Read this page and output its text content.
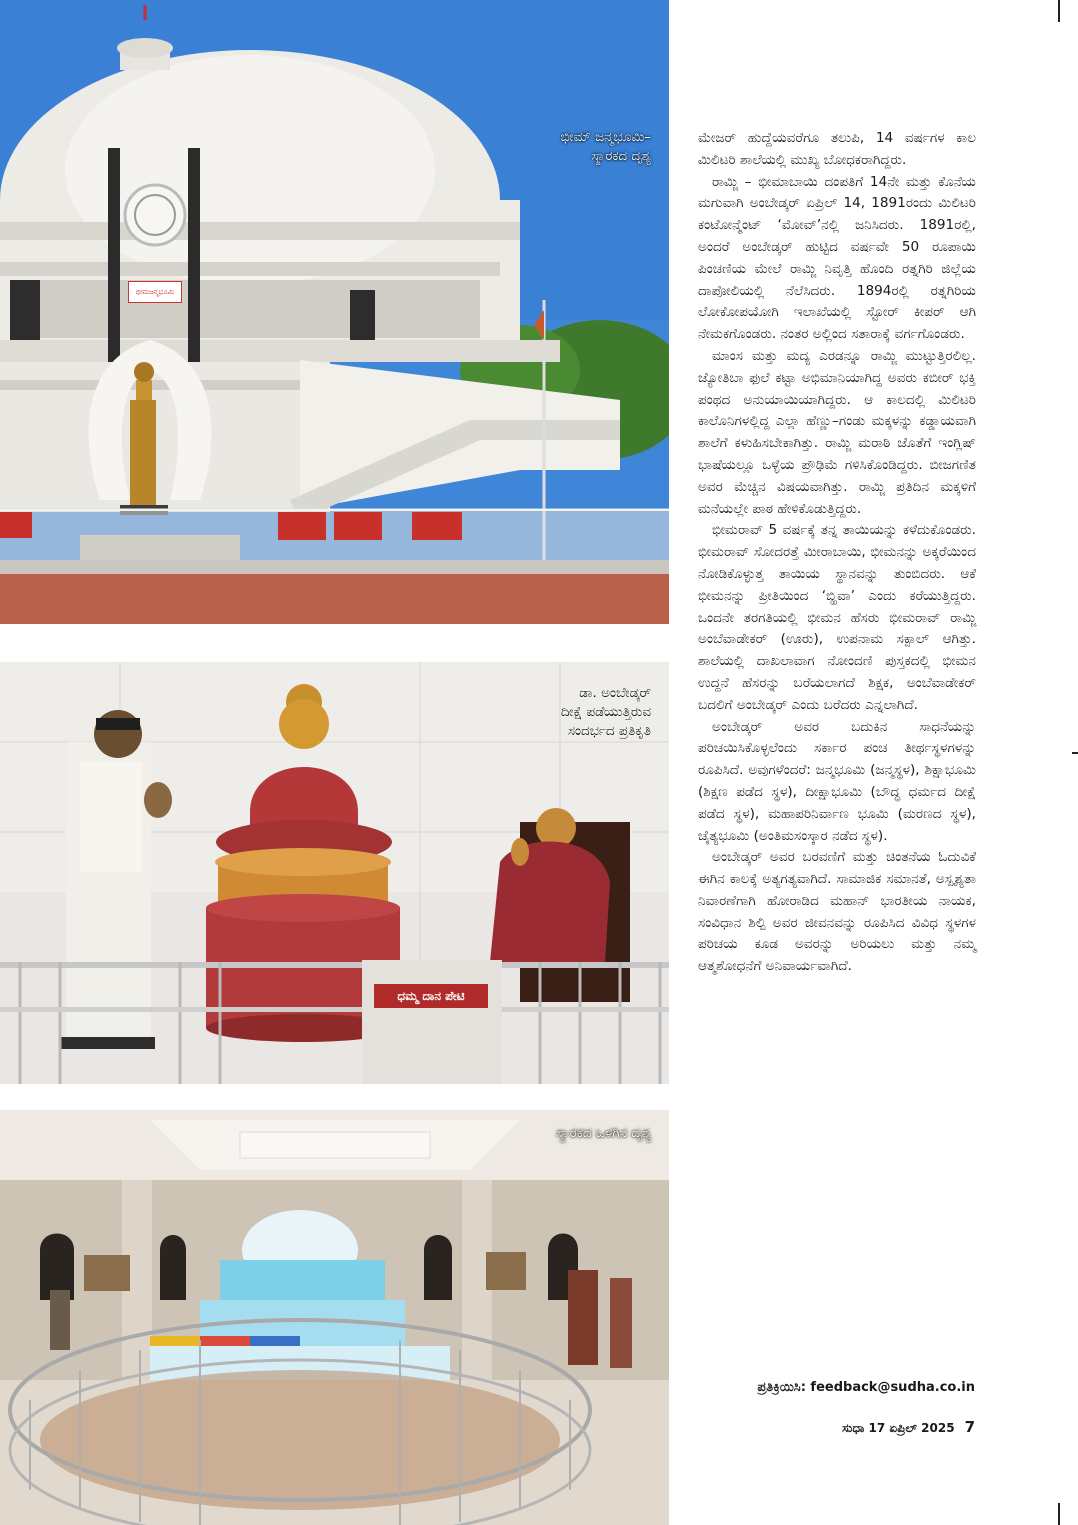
ಭೀಮಜನ್ಮಭೂಮಿ
ಭೀಮ್ ಜನ್ಮಭೂಮಿ–
ಸ್ಮಾರಕದ ದೃಶ್ಯ
ಧಮ್ಮ ದಾನ ಪೇಟಿ
ಡಾ. ಅಂಬೇಡ್ಕರ್
ದೀಕ್ಷೆ ಪಡೆಯುತ್ತಿರುವ
ಸಂದರ್ಭದ ಪ್ರತಿಕೃತಿ
ಸ್ಮಾರಕದ ಒಳಗಿನ ದೃಶ್ಯ

ಮೇಜರ್ ಹುದ್ದೆಯವರೆಗೂ ತಲುಪಿ, 14 ವರ್ಷಗಳ ಕಾಲ ಮಿಲಿಟರಿ ಶಾಲೆಯಲ್ಲಿ ಮುಖ್ಯ ಬೋಧಕರಾಗಿದ್ದರು.

ರಾಮ್ಜಿ – ಭೀಮಾಬಾಯಿ ದಂಪತಿಗೆ 14ನೇ ಮತ್ತು ಕೊನೆಯ ಮಗುವಾಗಿ ಅಂಬೇಡ್ಕರ್ ಏಪ್ರಿಲ್ 14, 1891ರಂದು ಮಿಲಿಟರಿ ಕಂಟೋನ್ಮೆಂಟ್ ‘ಮೋವ್’ನಲ್ಲಿ ಜನಿಸಿದರು. 1891ರಲ್ಲಿ, ಅಂದರೆ ಅಂಬೇಡ್ಕರ್ ಹುಟ್ಟಿದ ವರ್ಷವೇ 50 ರೂಪಾಯಿ ಪಿಂಚಣಿಯ ಮೇಲೆ ರಾಮ್ಜಿ ನಿವೃತ್ತಿ ಹೊಂದಿ ರತ್ನಗಿರಿ ಜಿಲ್ಲೆಯ ದಾಪೋಲಿಯಲ್ಲಿ ನೆಲೆಸಿದರು. 1894ರಲ್ಲಿ ರತ್ನಗಿರಿಯ ಲೋಕೋಪಯೋಗಿ ಇಲಾಖೆಯಲ್ಲಿ ಸ್ಟೋರ್ ಕೀಪರ್ ಆಗಿ ನೇಮಕಗೊಂಡರು. ನಂತರ ಅಲ್ಲಿಂದ ಸತಾರಾಕ್ಕೆ ವರ್ಗಗೊಂಡರು.

ಮಾಂಸ ಮತ್ತು ಮದ್ಯ ಎರಡನ್ನೂ ರಾಮ್ಜಿ ಮುಟ್ಟುತ್ತಿರಲಿಲ್ಲ. ಜ್ಯೋತಿಬಾ ಫುಲೆ ಕಟ್ಟಾ ಅಭಿಮಾನಿಯಾಗಿದ್ದ ಅವರು ಕಬೀರ್ ಭಕ್ತಿ ಪಂಥದ ಅನುಯಾಯಿಯಾಗಿದ್ದರು. ಆ ಕಾಲದಲ್ಲಿ ಮಿಲಿಟರಿ ಕಾಲೊನಿಗಳಲ್ಲಿದ್ದ ಎಲ್ಲಾ ಹೆಣ್ಣು–ಗಂಡು ಮಕ್ಕಳನ್ನು ಕಡ್ಡಾಯವಾಗಿ ಶಾಲೆಗೆ ಕಳುಹಿಸಬೇಕಾಗಿತ್ತು. ರಾಮ್ಜಿ ಮರಾಠಿ ಜೊತೆಗೆ ಇಂಗ್ಲಿಷ್ ಭಾಷೆಯಲ್ಲೂ ಒಳ್ಳೆಯ ಪ್ರೌಢಿಮೆ ಗಳಿಸಿಕೊಂಡಿದ್ದರು. ಬೀಜಗಣಿತ ಅವರ ಮೆಚ್ಚಿನ ವಿಷಯವಾಗಿತ್ತು. ರಾಮ್ಜಿ ಪ್ರತಿದಿನ ಮಕ್ಕಳಿಗೆ ಮನೆಯಲ್ಲೇ ಪಾಠ ಹೇಳಿಕೊಡುತ್ತಿದ್ದರು.

ಭೀಮರಾವ್ 5 ವರ್ಷಕ್ಕೆ ತನ್ನ ತಾಯಿಯನ್ನು ಕಳೆದುಕೊಂಡರು. ಭೀಮರಾವ್ ಸೋದರತ್ತೆ ಮೀರಾಬಾಯಿ, ಭೀಮನನ್ನು ಅಕ್ಕರೆಯಿಂದ ನೋಡಿಕೊಳ್ಳುತ್ತ ತಾಯಿಯ ಸ್ಥಾನವನ್ನು ತುಂಬಿದರು. ಆಕೆ ಭೀಮನನ್ನು ಪ್ರೀತಿಯಿಂದ ‘ಬ್ಹಿವಾ’ ಎಂದು ಕರೆಯುತ್ತಿದ್ದರು. ಒಂದನೇ ತರಗತಿಯಲ್ಲಿ ಭೀಮನ ಹೆಸರು ಭೀಮರಾವ್ ರಾಮ್ಜಿ ಅಂಬೆವಾಡೇಕರ್ (ಊರು), ಉಪನಾಮ ಸಕ್ಪಾಲ್ ಆಗಿತ್ತು. ಶಾಲೆಯಲ್ಲಿ ದಾಖಲಾವಾಗ ನೋಂದಣಿ ಪುಸ್ತಕದಲ್ಲಿ ಭೀಮನ ಉದ್ದನೆ ಹೆಸರನ್ನು ಬರೆಯಲಾಗದೆ ಶಿಕ್ಷಕ, ಅಂಬೆವಾಡೇಕರ್ ಬದಲಿಗೆ ಅಂಬೇಡ್ಕರ್ ಎಂದು ಬರೆದರು ಎನ್ನಲಾಗಿದೆ.

ಅಂಬೇಡ್ಕರ್ ಅವರ ಬದುಕಿನ ಸಾಧನೆಯನ್ನು ಪರಿಚಯಿಸಿಕೊಳ್ಳಲೆಂದು ಸರ್ಕಾರ ಪಂಚ ತೀರ್ಥಸ್ಥಳಗಳನ್ನು ರೂಪಿಸಿದೆ. ಅವುಗಳೆಂದರೆ: ಜನ್ಮಭೂಮಿ (ಜನ್ಮಸ್ಥಳ), ಶಿಕ್ಷಾಭೂಮಿ (ಶಿಕ್ಷಣ ಪಡೆದ ಸ್ಥಳ), ದೀಕ್ಷಾಭೂಮಿ (ಬೌದ್ಧ ಧರ್ಮದ ದೀಕ್ಷೆ ಪಡೆದ ಸ್ಥಳ), ಮಹಾಪರಿನಿರ್ವಾಣ ಭೂಮಿ (ಮರಣದ ಸ್ಥಳ), ಚೈತ್ಯಭೂಮಿ (ಅಂತಿಮಸಂಸ್ಕಾರ ನಡೆದ ಸ್ಥಳ).

ಅಂಬೇಡ್ಕರ್ ಅವರ ಬರವಣಿಗೆ ಮತ್ತು ಚಿಂತನೆಯ ಓದುವಿಕೆ ಈಗಿನ ಕಾಲಕ್ಕೆ ಅತ್ಯಗತ್ಯವಾಗಿದೆ. ಸಾಮಾಜಿಕ ಸಮಾನತೆ, ಅಸ್ಪೃಶ್ಯತಾ ನಿವಾರಣೆಗಾಗಿ ಹೋರಾಡಿದ ಮಹಾನ್ ಭಾರತೀಯ ನಾಯಕ, ಸಂವಿಧಾನ ಶಿಲ್ಪಿ ಅವರ ಜೀವನವನ್ನು ರೂಪಿಸಿದ ವಿವಿಧ ಸ್ಥಳಗಳ ಪರಿಚಯ ಕೂಡ ಅವರನ್ನು ಅರಿಯಲು ಮತ್ತು ನಮ್ಮ ಆತ್ಮಶೋಧನೆಗೆ ಅನಿವಾರ್ಯವಾಗಿದೆ.

ಪ್ರತಿಕ್ರಿಯಿಸಿ: feedback@sudha.co.in
ಸುಧಾ 17 ಏಪ್ರಿಲ್ 2025 7
